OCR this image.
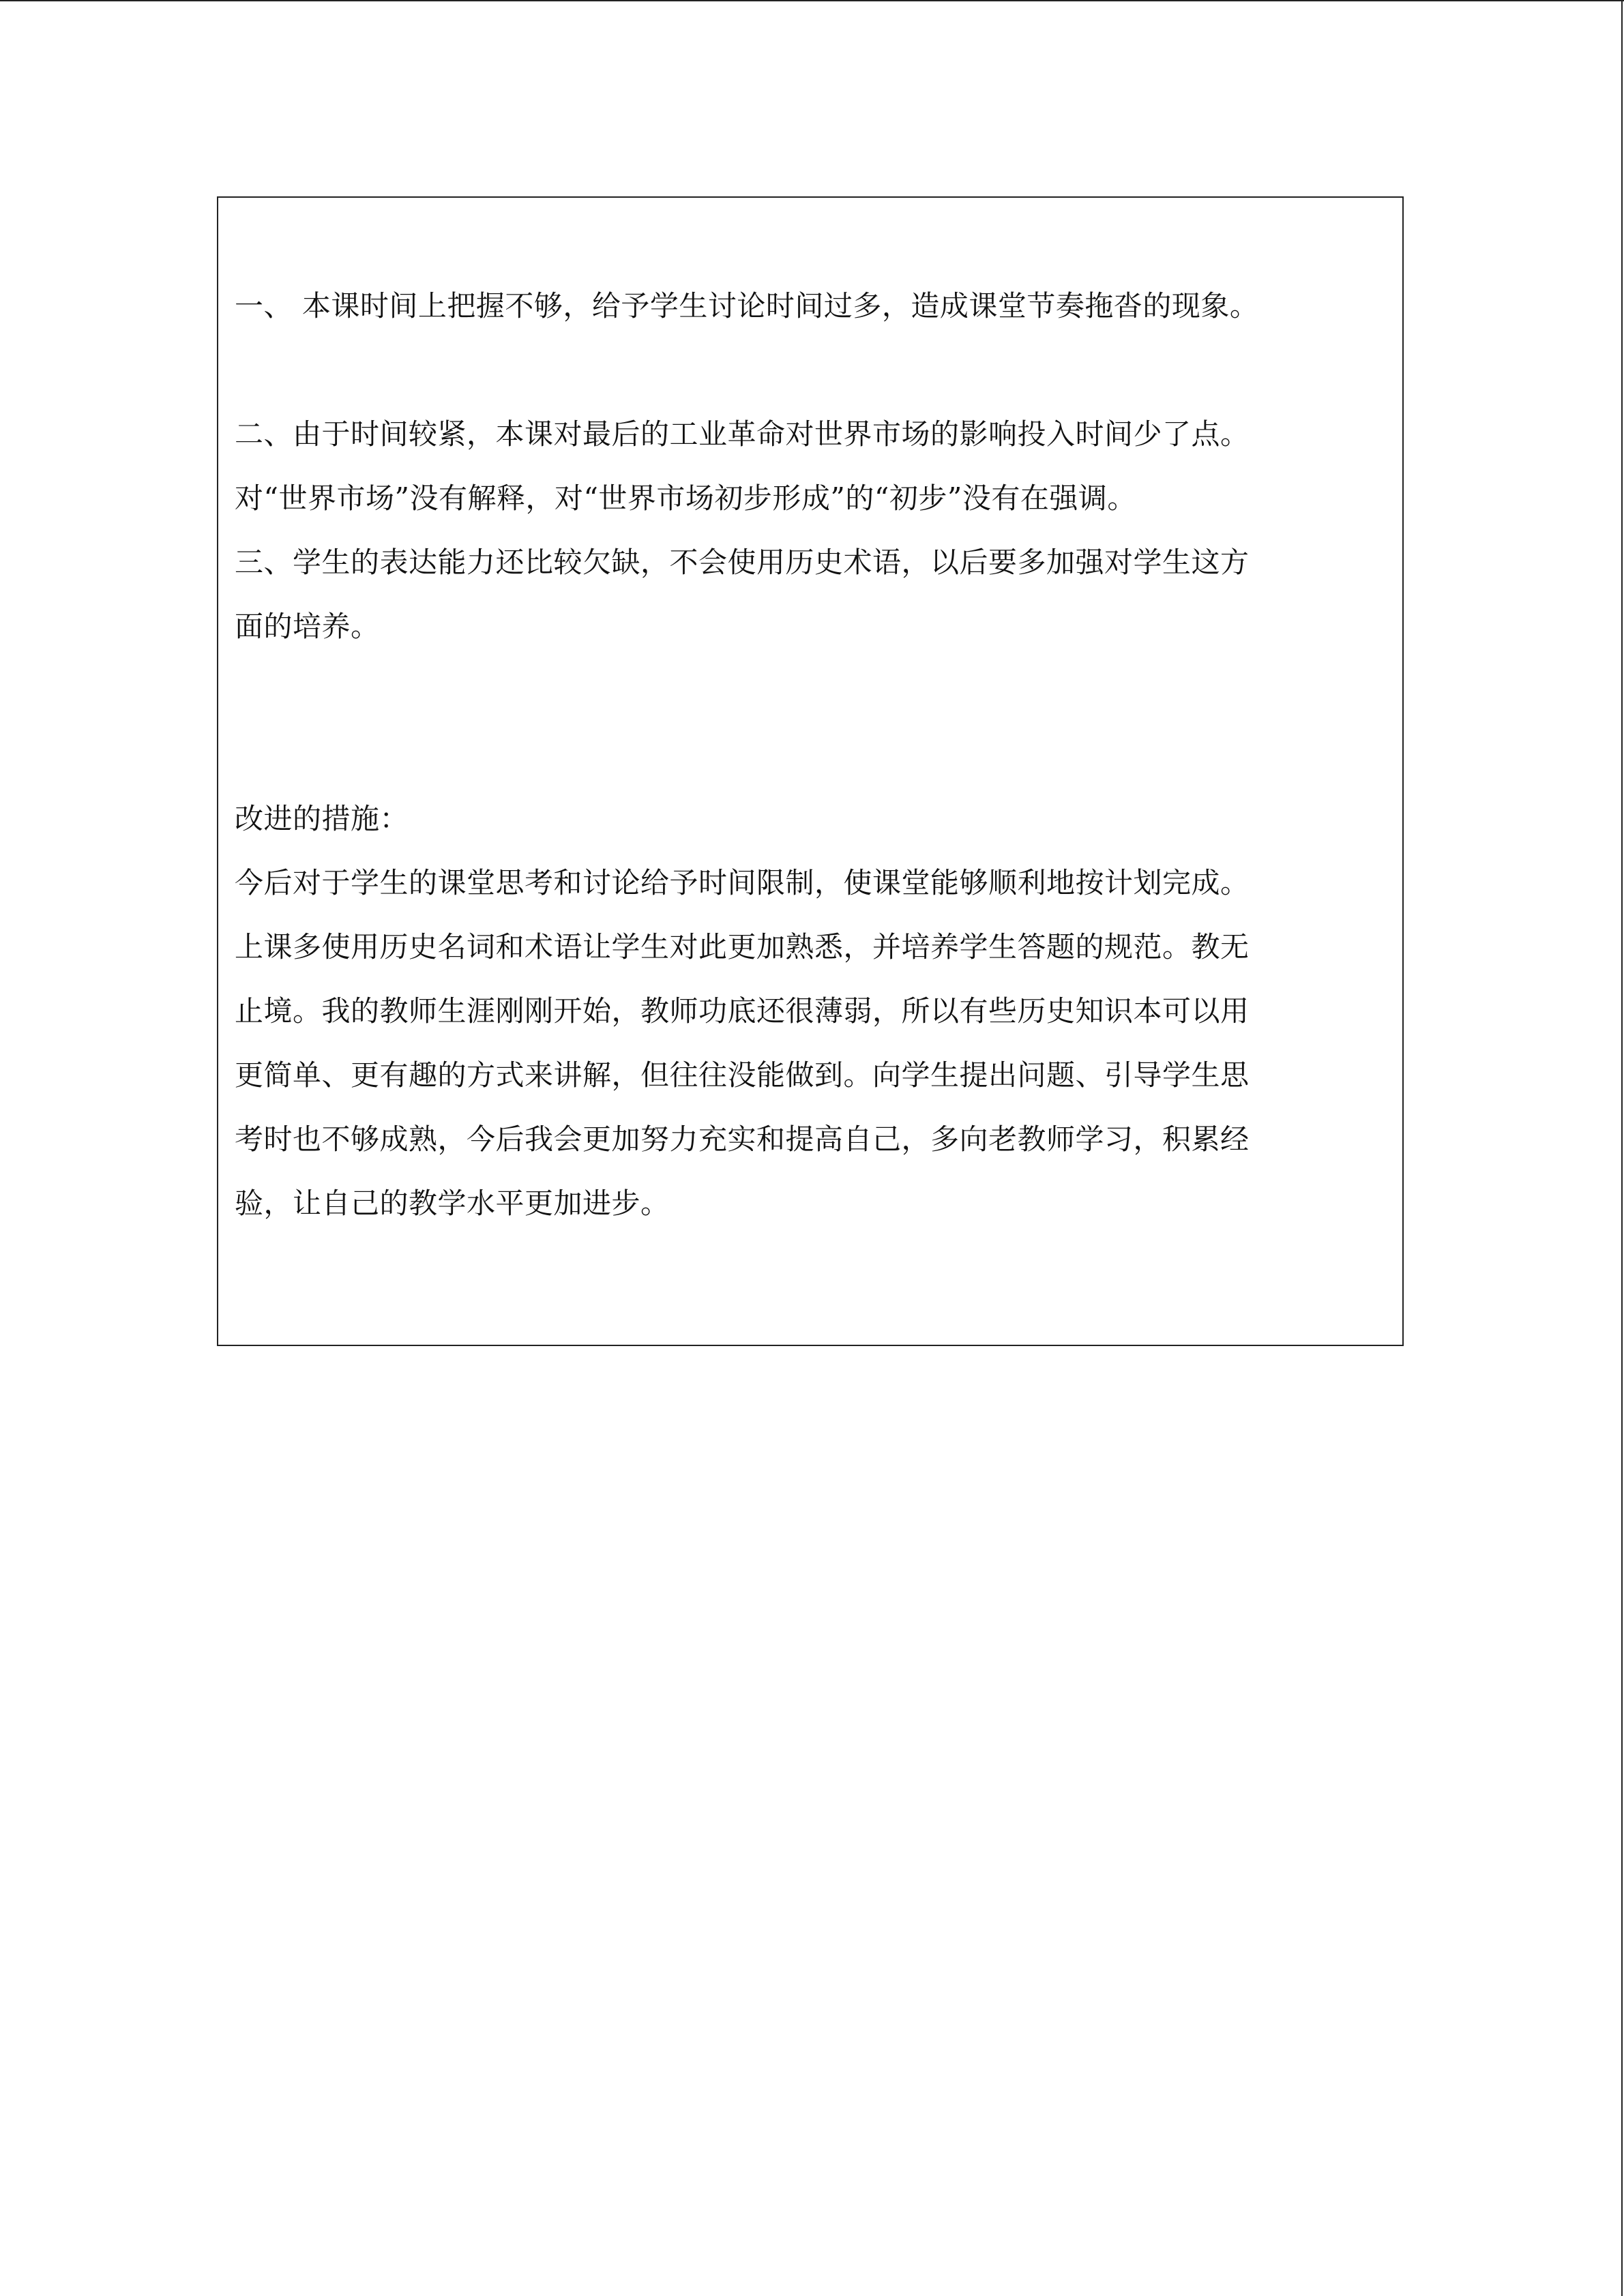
一、 本课时间上把握不够，给予学生讨论时间过多，造成课堂节奏拖沓的现象。
二、由于时间较紧，本课对最后的工业革命对世界市场的影响投入时间少了点。
对“世界市场”没有解释，对“世界市场初步形成”的“初步”没有在强调。
三、学生的表达能力还比较欠缺，不会使用历史术语，以后要多加强对学生这方
面的培养。
改进的措施：
今后对于学生的课堂思考和讨论给予时间限制，使课堂能够顺利地按计划完成。
上课多使用历史名词和术语让学生对此更加熟悉，并培养学生答题的规范。教无
止境。我的教师生涯刚刚开始，教师功底还很薄弱，所以有些历史知识本可以用
更简单、更有趣的方式来讲解，但往往没能做到。向学生提出问题、引导学生思
考时也不够成熟，今后我会更加努力充实和提高自己，多向老教师学习，积累经
验，让自己的教学水平更加进步。
